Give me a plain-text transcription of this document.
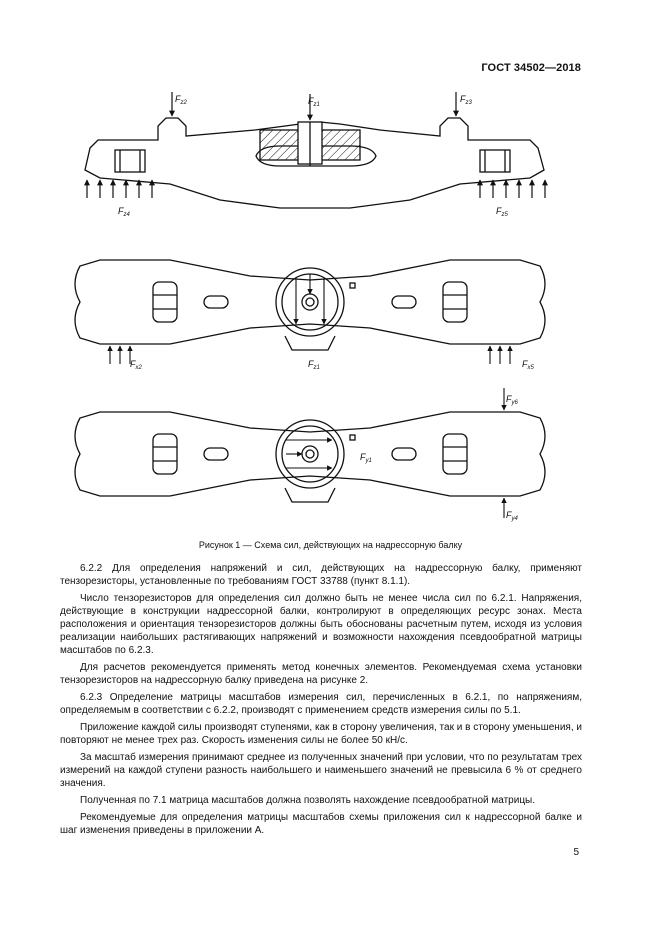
ГОСТ 34502—2018
$F_{z2}$	$F_{z1}$
$F_{z3}$
$F_{z4}$	$F_{z5}$
$F_{x2}$	$F_{z1}$	$F_{x5}$
$F_{y6}$
$F_{y1}$
$F_{y4}$
Рисунок 1 — Схема сил, действующих на надрессорную балку

6.2.2 Для определения напряжений и сил, действующих на надрессорную балку, применяют тензорезисторы, установленные по требованиям ГОСТ 33788 (пункт 8.1.1).

Число тензорезисторов для определения сил должно быть не менее числа сил по 6.2.1. Напряжения, действующие в конструкции надрессорной балки, контролируют в определяющих ресурс зонах. Места расположения и ориентация тензорезисторов должны быть обоснованы расчетным путем, исходя из условия реализации наибольших растягивающих напряжений и возможности нахождения псевдообратной матрицы масштабов по 6.2.3.

Для расчетов рекомендуется применять метод конечных элементов. Рекомендуемая схема установки тензорезисторов на надрессорную балку приведена на рисунке 2.

6.2.3 Определение матрицы масштабов измерения сил, перечисленных в 6.2.1, по напряжениям, определяемым в соответствии с 6.2.2, производят с применением средств измерения силы по 5.1.

Приложение каждой силы производят ступенями, как в сторону увеличения, так и в сторону уменьшения, и повторяют не менее трех раз. Скорость изменения силы не более 50 кН/с.

За масштаб измерения принимают среднее из полученных значений при условии, что по результатам трех измерений на каждой ступени разность наибольшего и наименьшего значений не превысила 6 % от среднего значения.

Полученная по 7.1 матрица масштабов должна позволять нахождение псевдообратной матрицы.

Рекомендуемые для определения матрицы масштабов схемы приложения сил к надрессорной балке и шаг изменения приведены в приложении А.

5
